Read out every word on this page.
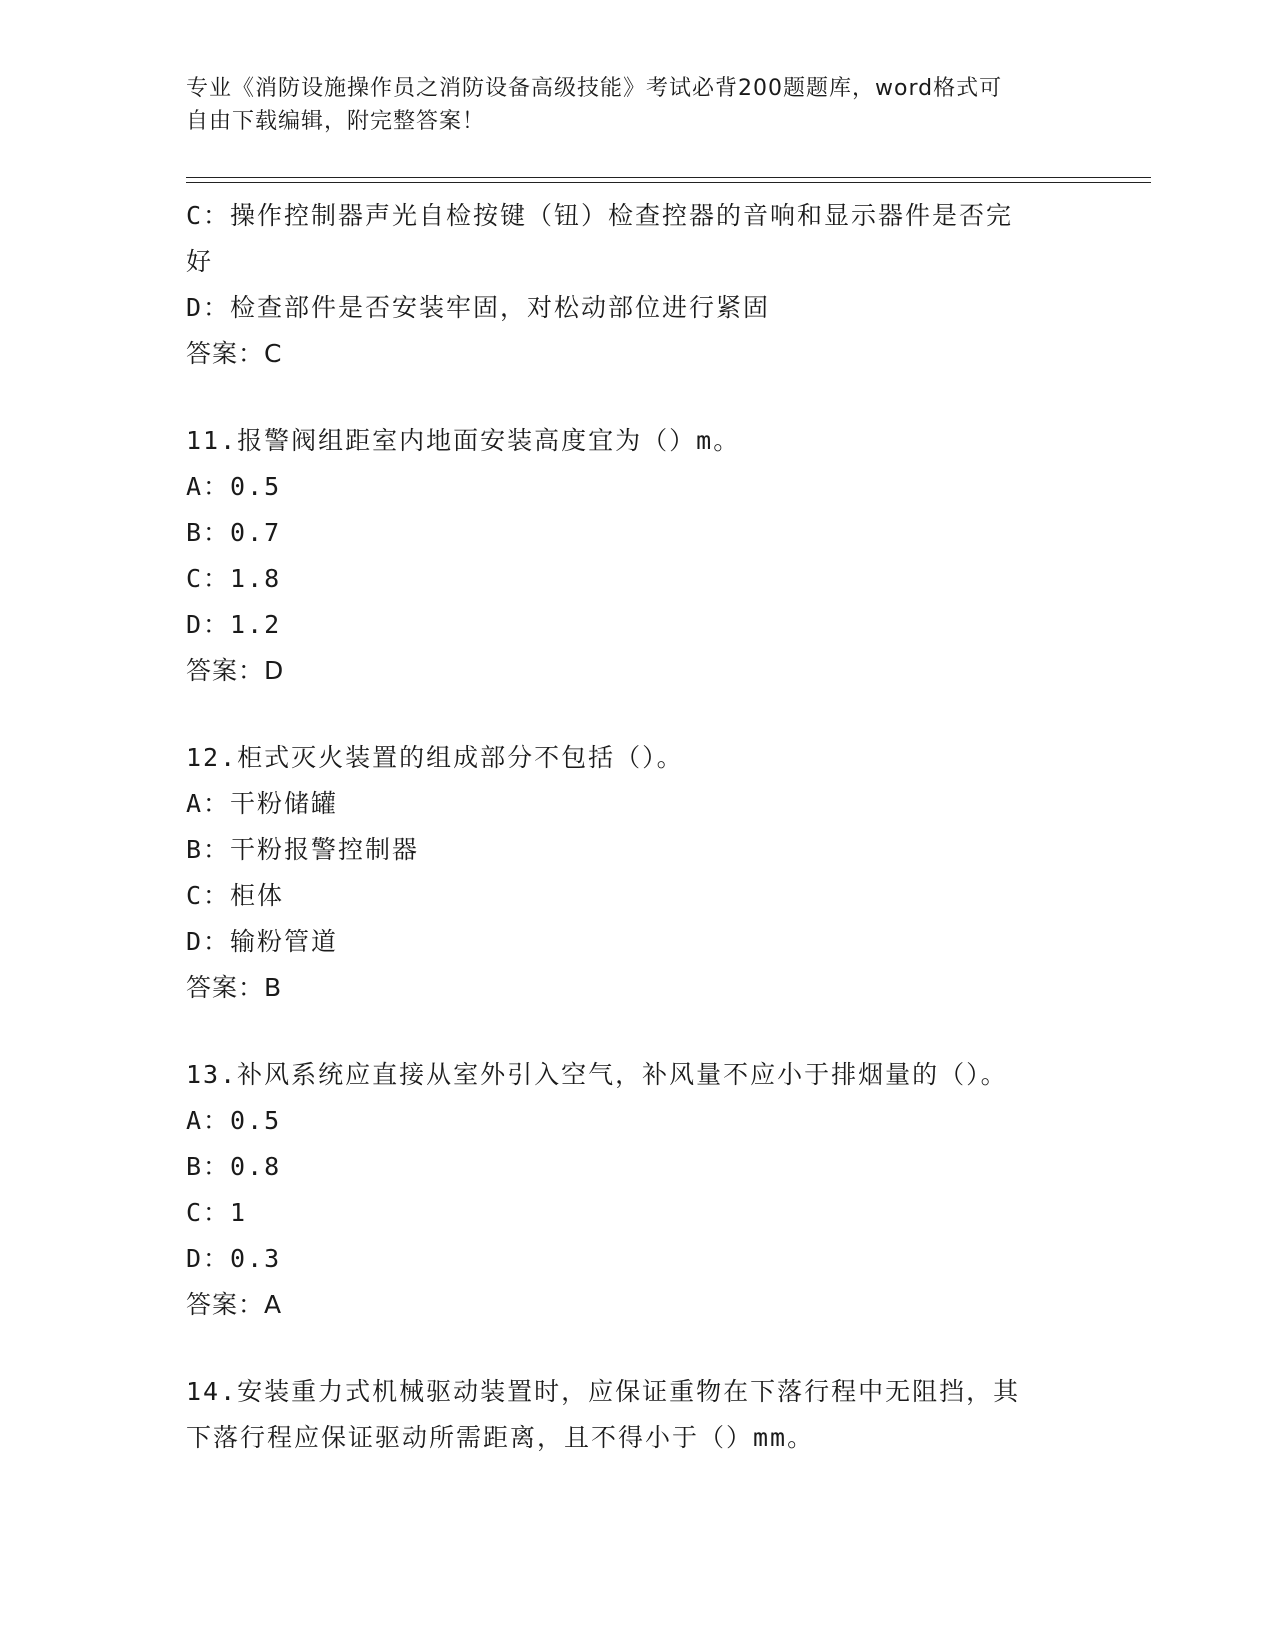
专业《消防设施操作员之消防设备高级技能》考试必背200题题库，word格式可
自由下载编辑，附完整答案！
C：操作控制器声光自检按键（钮）检查控器的音响和显示器件是否完
好
D：检查部件是否安装牢固，对松动部位进行紧固
答案：C
11.报警阀组距室内地面安装高度宜为（）m。
A：0.5
B：0.7
C：1.8
D：1.2
答案：D
12.柜式灭火装置的组成部分不包括（）。
A：干粉储罐
B：干粉报警控制器
C：柜体
D：输粉管道
答案：B
13.补风系统应直接从室外引入空气，补风量不应小于排烟量的（）。
A：0.5
B：0.8
C：1
D：0.3
答案：A
14.安装重力式机械驱动装置时，应保证重物在下落行程中无阻挡，其
下落行程应保证驱动所需距离，且不得小于（）mm。
